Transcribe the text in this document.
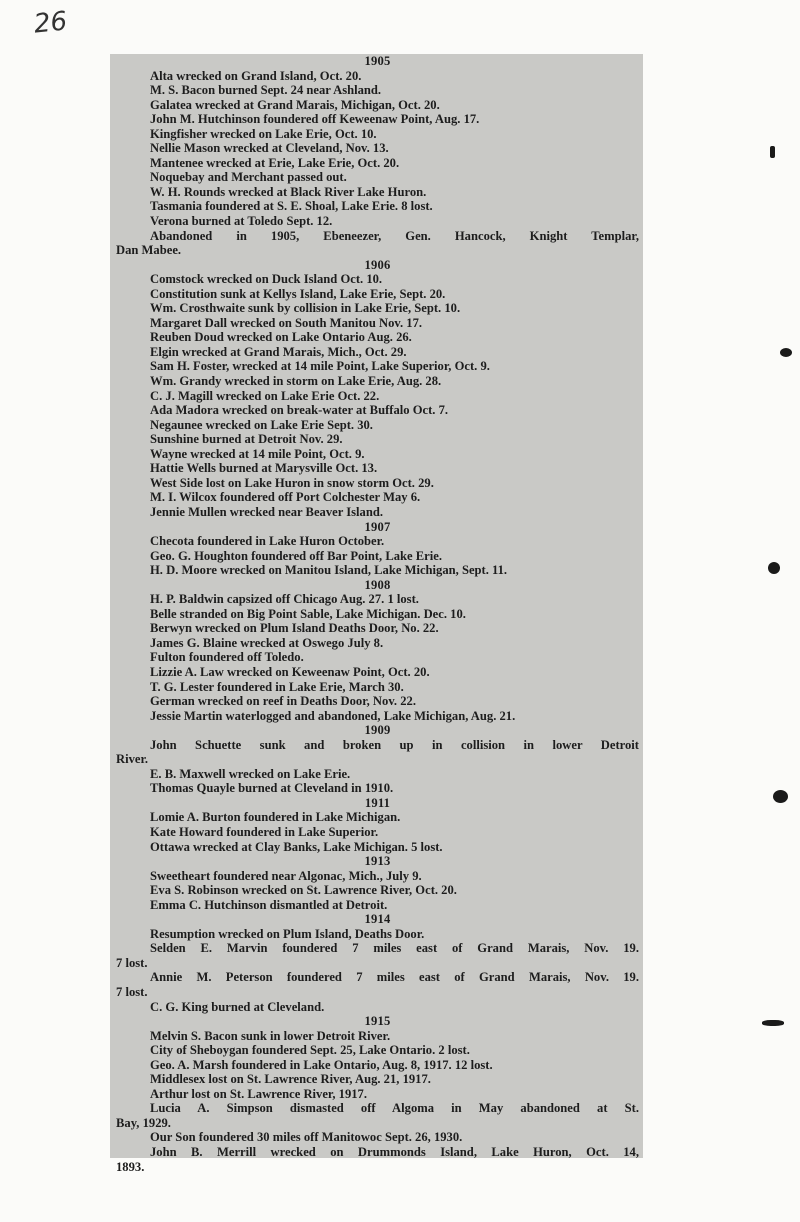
26
1905
Alta wrecked on Grand Island, Oct. 20.
M. S. Bacon burned Sept. 24 near Ashland.
Galatea wrecked at Grand Marais, Michigan, Oct. 20.
John M. Hutchinson foundered off Keweenaw Point, Aug. 17.
Kingfisher wrecked on Lake Erie, Oct. 10.
Nellie Mason wrecked at Cleveland, Nov. 13.
Mantenee wrecked at Erie, Lake Erie, Oct. 20.
Noquebay and Merchant passed out.
W. H. Rounds wrecked at Black River Lake Huron.
Tasmania foundered at S. E. Shoal, Lake Erie. 8 lost.
Verona burned at Toledo Sept. 12.
Abandoned in 1905, Ebeneezer, Gen. Hancock, Knight Templar,
Dan Mabee.
1906
Comstock wrecked on Duck Island Oct. 10.
Constitution sunk at Kellys Island, Lake Erie, Sept. 20.
Wm. Crosthwaite sunk by collision in Lake Erie, Sept. 10.
Margaret Dall wrecked on South Manitou Nov. 17.
Reuben Doud wrecked on Lake Ontario Aug. 26.
Elgin wrecked at Grand Marais, Mich., Oct. 29.
Sam H. Foster, wrecked at 14 mile Point, Lake Superior, Oct. 9.
Wm. Grandy wrecked in storm on Lake Erie, Aug. 28.
C. J. Magill wrecked on Lake Erie Oct. 22.
Ada Madora wrecked on break-water at Buffalo Oct. 7.
Negaunee wrecked on Lake Erie Sept. 30.
Sunshine burned at Detroit Nov. 29.
Wayne wrecked at 14 mile Point, Oct. 9.
Hattie Wells burned at Marysville Oct. 13.
West Side lost on Lake Huron in snow storm Oct. 29.
M. I. Wilcox foundered off Port Colchester May 6.
Jennie Mullen wrecked near Beaver Island.
1907
Checota foundered in Lake Huron October.
Geo. G. Houghton foundered off Bar Point, Lake Erie.
H. D. Moore wrecked on Manitou Island, Lake Michigan, Sept. 11.
1908
H. P. Baldwin capsized off Chicago Aug. 27. 1 lost.
Belle stranded on Big Point Sable, Lake Michigan. Dec. 10.
Berwyn wrecked on Plum Island Deaths Door, No. 22.
James G. Blaine wrecked at Oswego July 8.
Fulton foundered off Toledo.
Lizzie A. Law wrecked on Keweenaw Point, Oct. 20.
T. G. Lester foundered in Lake Erie, March 30.
German wrecked on reef in Deaths Door, Nov. 22.
Jessie Martin waterlogged and abandoned, Lake Michigan, Aug. 21.
1909
John Schuette sunk and broken up in collision in lower Detroit
River.
E. B. Maxwell wrecked on Lake Erie.
Thomas Quayle burned at Cleveland in 1910.
1911
Lomie A. Burton foundered in Lake Michigan.
Kate Howard foundered in Lake Superior.
Ottawa wrecked at Clay Banks, Lake Michigan. 5 lost.
1913
Sweetheart foundered near Algonac, Mich., July 9.
Eva S. Robinson wrecked on St. Lawrence River, Oct. 20.
Emma C. Hutchinson dismantled at Detroit.
1914
Resumption wrecked on Plum Island, Deaths Door.
Selden E. Marvin foundered 7 miles east of Grand Marais, Nov. 19.
7 lost.
Annie M. Peterson foundered 7 miles east of Grand Marais, Nov. 19.
7 lost.
C. G. King burned at Cleveland.
1915
Melvin S. Bacon sunk in lower Detroit River.
City of Sheboygan foundered Sept. 25, Lake Ontario. 2 lost.
Geo. A. Marsh foundered in Lake Ontario, Aug. 8, 1917. 12 lost.
Middlesex lost on St. Lawrence River, Aug. 21, 1917.
Arthur lost on St. Lawrence River, 1917.
Lucia A. Simpson dismasted off Algoma in May abandoned at St.
Bay, 1929.
Our Son foundered 30 miles off Manitowoc Sept. 26, 1930.
John B. Merrill wrecked on Drummonds Island, Lake Huron, Oct. 14,
1893.
